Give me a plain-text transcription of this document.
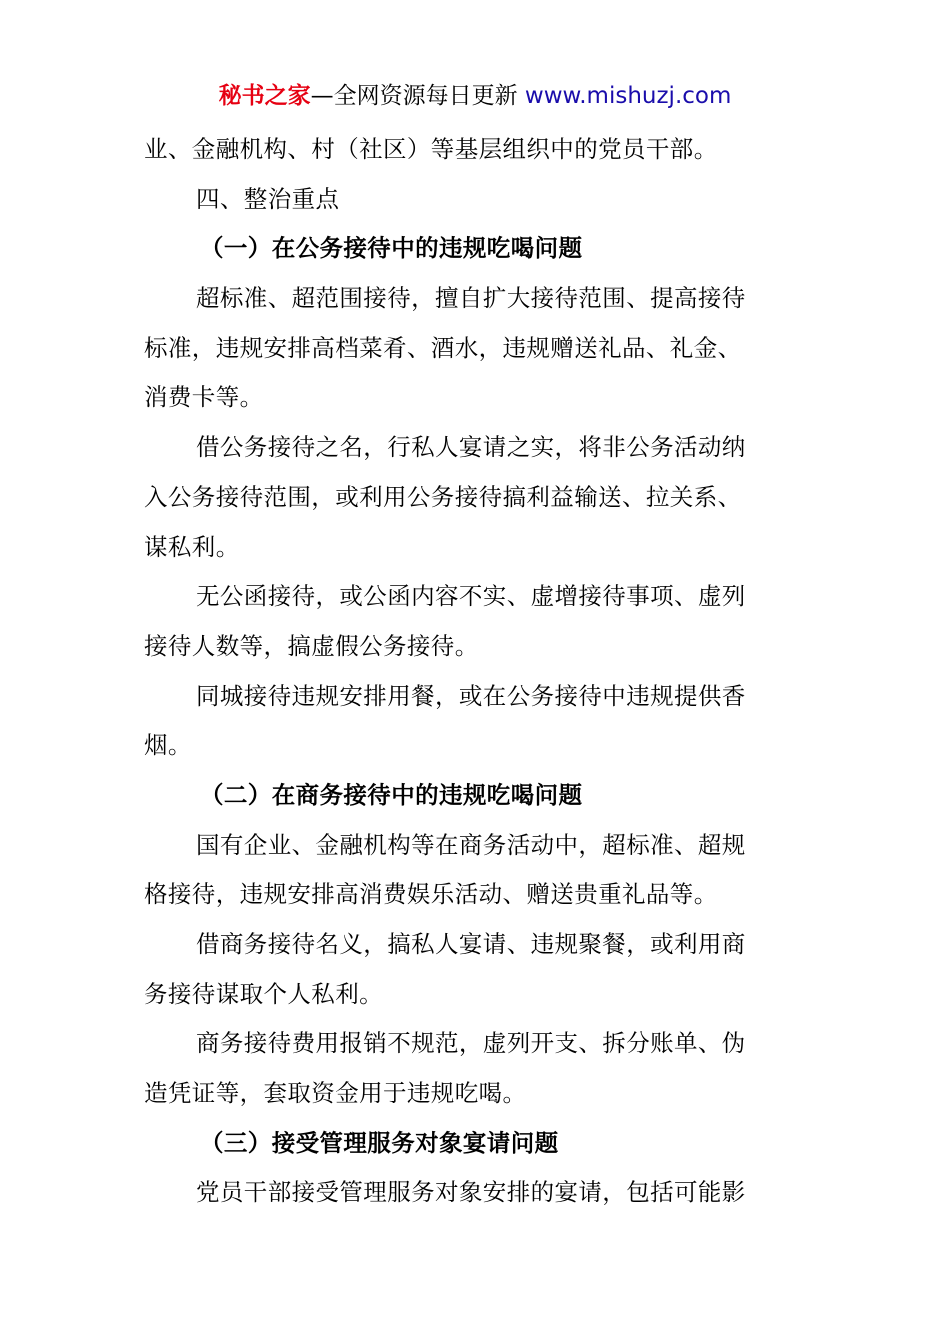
秘书之家—全网资源每日更新 www.mishuzj.com
业、金融机构、村（社区）等基层组织中的党员干部。
四、整治重点
（一）在公务接待中的违规吃喝问题
超标准、超范围接待，擅自扩大接待范围、提高接待
标准，违规安排高档菜肴、酒水，违规赠送礼品、礼金、
消费卡等。
借公务接待之名，行私人宴请之实，将非公务活动纳
入公务接待范围，或利用公务接待搞利益输送、拉关系、
谋私利。
无公函接待，或公函内容不实、虚增接待事项、虚列
接待人数等，搞虚假公务接待。
同城接待违规安排用餐，或在公务接待中违规提供香
烟。
（二）在商务接待中的违规吃喝问题
国有企业、金融机构等在商务活动中，超标准、超规
格接待，违规安排高消费娱乐活动、赠送贵重礼品等。
借商务接待名义，搞私人宴请、违规聚餐，或利用商
务接待谋取个人私利。
商务接待费用报销不规范，虚列开支、拆分账单、伪
造凭证等，套取资金用于违规吃喝。
（三）接受管理服务对象宴请问题
党员干部接受管理服务对象安排的宴请，包括可能影
